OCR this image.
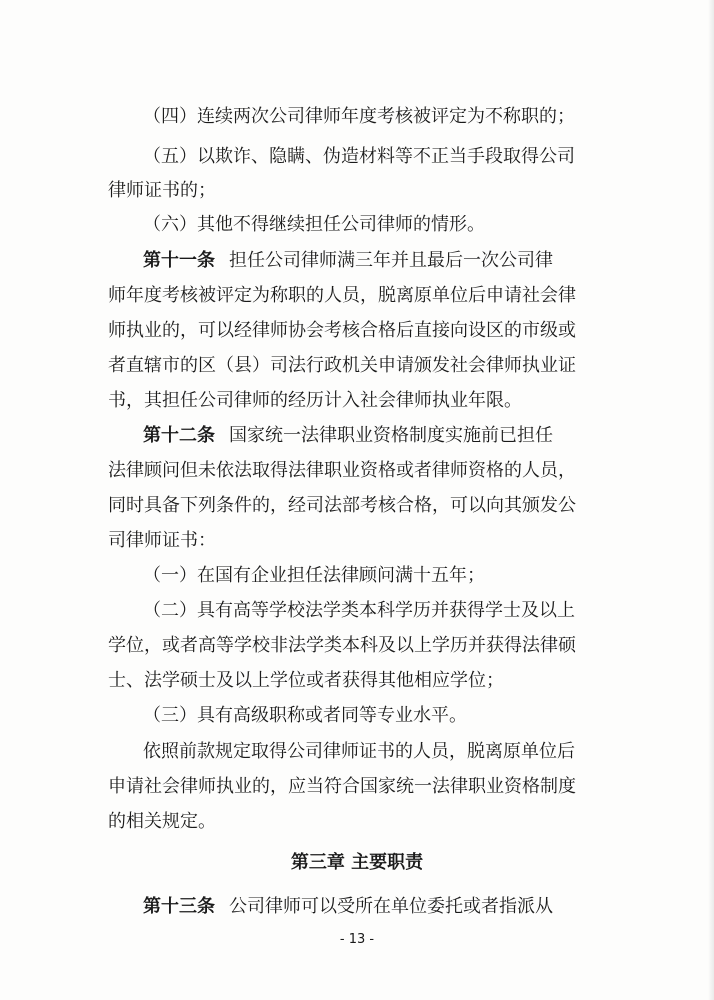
（四）连续两次公司律师年度考核被评定为不称职的；
（五）以欺诈、隐瞒、伪造材料等不正当手段取得公司
律师证书的；
（六）其他不得继续担任公司律师的情形。
第十一条 担任公司律师满三年并且最后一次公司律
师年度考核被评定为称职的人员，脱离原单位后申请社会律
师执业的，可以经律师协会考核合格后直接向设区的市级或
者直辖市的区（县）司法行政机关申请颁发社会律师执业证
书，其担任公司律师的经历计入社会律师执业年限。
第十二条 国家统一法律职业资格制度实施前已担任
法律顾问但未依法取得法律职业资格或者律师资格的人员，
同时具备下列条件的，经司法部考核合格，可以向其颁发公
司律师证书：
（一）在国有企业担任法律顾问满十五年；
（二）具有高等学校法学类本科学历并获得学士及以上
学位，或者高等学校非法学类本科及以上学历并获得法律硕
士、法学硕士及以上学位或者获得其他相应学位；
（三）具有高级职称或者同等专业水平。
依照前款规定取得公司律师证书的人员，脱离原单位后
申请社会律师执业的，应当符合国家统一法律职业资格制度
的相关规定。
第三章 主要职责
第十三条 公司律师可以受所在单位委托或者指派从
- 13 -
